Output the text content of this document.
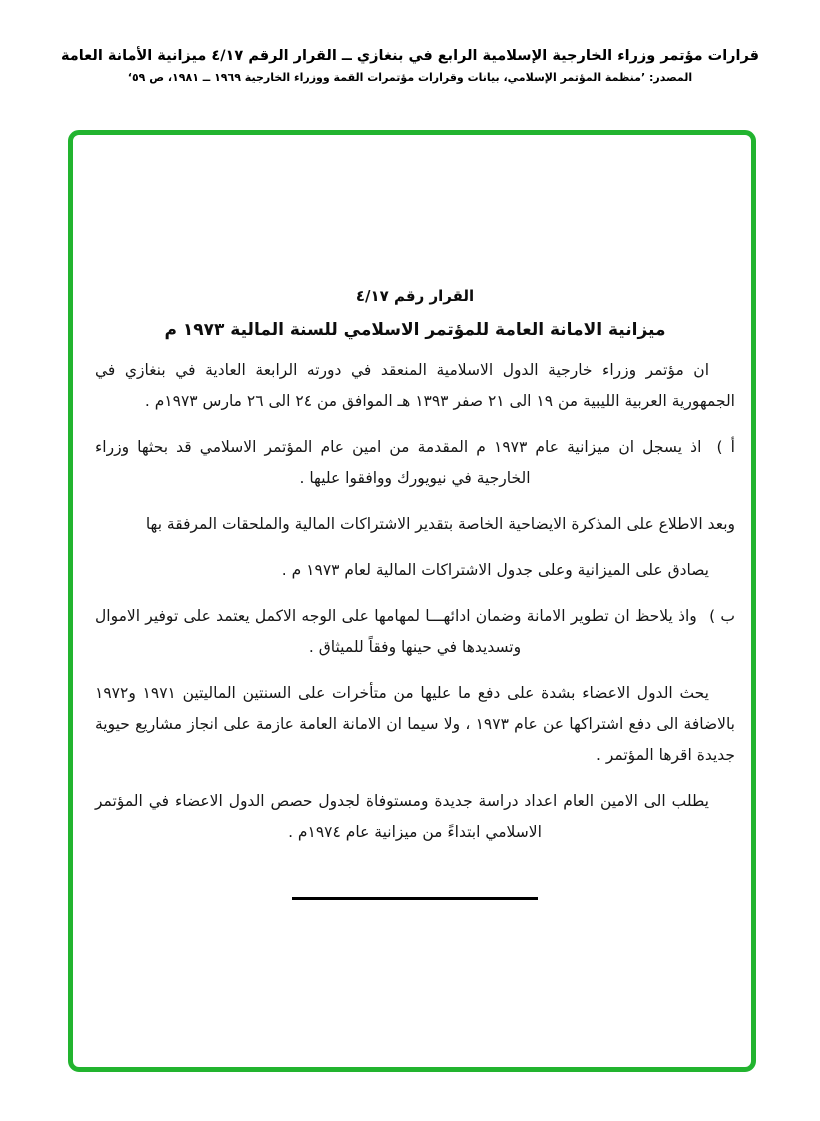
قرارات مؤتمر وزراء الخارجية الإسلامية الرابع في بنغازي ــ القرار الرقم ٤/١٧ ميزانية الأمانة العامة
المصدر: ’منظمة المؤتمر الإسلامي، بيانات وقرارات مؤتمرات القمة ووزراء الخارجية ١٩٦٩ ــ ١٩٨١، ص ٥٩‘
القرار رقم ٤/١٧
ميزانية الامانة العامة للمؤتمر الاسلامي للسنة المالية ١٩٧٣ م

ان مؤتمر وزراء خارجية الدول الاسلامية المنعقد في دورته الرابعة العادية في بنغازي في الجمهورية العربية الليبية من ١٩ الى ٢١ صفر ١٣٩٣ هـ الموافق من ٢٤ الى ٢٦ مارس ١٩٧٣م .

أ ) اذ يسجل ان ميزانية عام ١٩٧٣ م المقدمة من امين عام المؤتمر الاسلامي قد بحثها وزراء الخارجية في نيويورك ووافقوا عليها .

وبعد الاطلاع على المذكرة الايضاحية الخاصة بتقدير الاشتراكات المالية والملحقات المرفقة بها

يصادق على الميزانية وعلى جدول الاشتراكات المالية لعام ١٩٧٣ م .

ب ) واذ يلاحظ ان تطوير الامانة وضمان ادائهـــا لمهامها على الوجه الاكمل يعتمد على توفير الاموال وتسديدها في حينها وفقاً للميثاق .

يحث الدول الاعضاء بشدة على دفع ما عليها من متأخرات على السنتين الماليتين ١٩٧١ و١٩٧٢ بالاضافة الى دفع اشتراكها عن عام ١٩٧٣ ، ولا سيما ان الامانة العامة عازمة على انجاز مشاريع حيوية جديدة اقرها المؤتمر .

يطلب الى الامين العام اعداد دراسة جديدة ومستوفاة لجدول حصص الدول الاعضاء في المؤتمر الاسلامي ابتداءً من ميزانية عام ١٩٧٤م .
